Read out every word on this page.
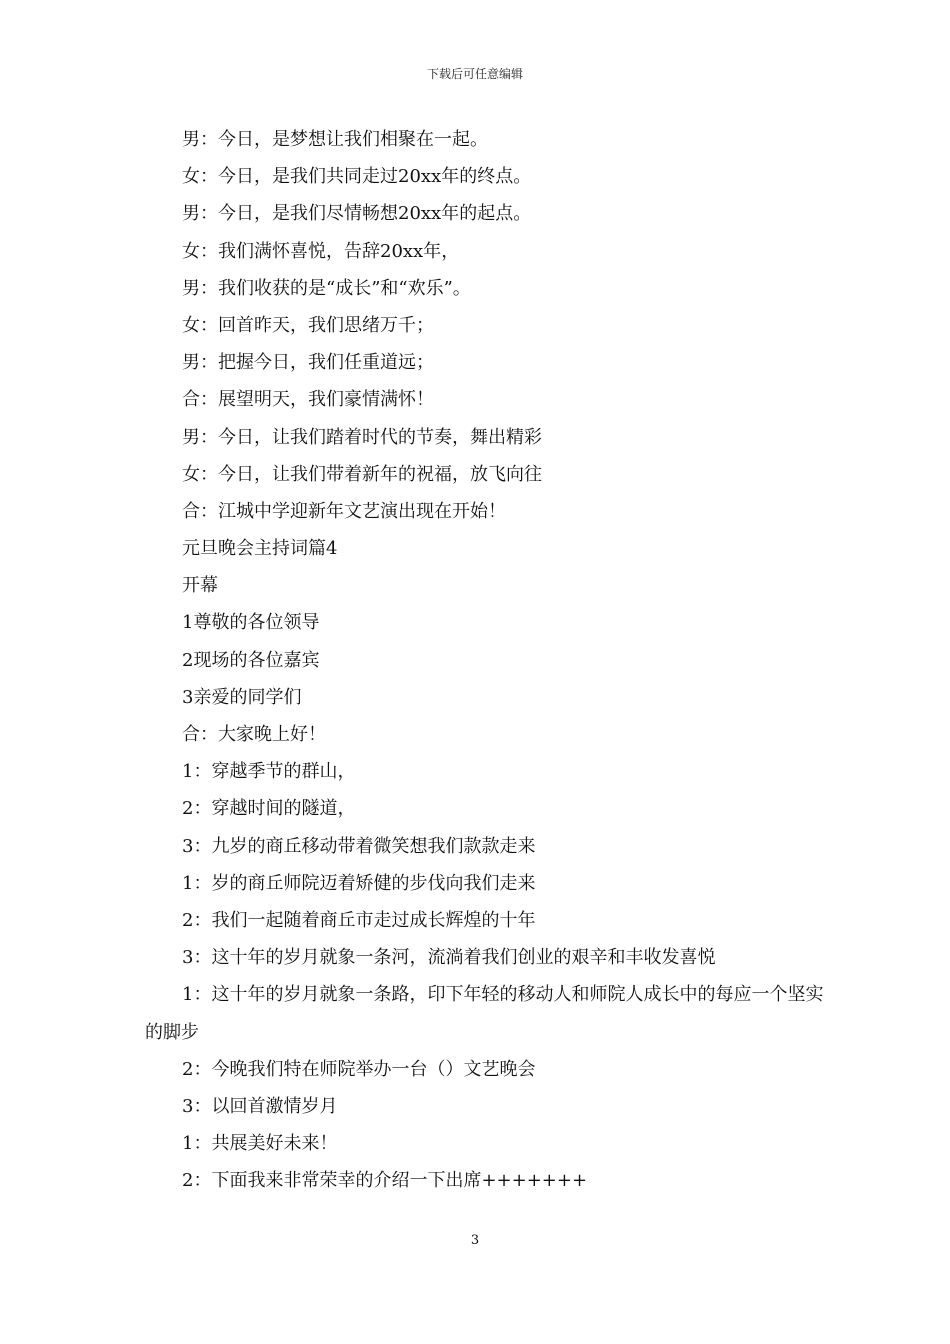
下载后可任意编辑
男：今日，是梦想让我们相聚在一起。
女：今日，是我们共同走过20xx年的终点。
男：今日，是我们尽情畅想20xx年的起点。
女：我们满怀喜悦，告辞20xx年，
男：我们收获的是“成长”和“欢乐”。
女：回首昨天，我们思绪万千；
男：把握今日，我们任重道远；
合：展望明天，我们豪情满怀！
男：今日，让我们踏着时代的节奏，舞出精彩
女：今日，让我们带着新年的祝福，放飞向往
合：江城中学迎新年文艺演出现在开始！
元旦晚会主持词篇4
开幕
1尊敬的各位领导
2现场的各位嘉宾
3亲爱的同学们
合：大家晚上好！
1：穿越季节的群山，
2：穿越时间的隧道，
3：九岁的商丘移动带着微笑想我们款款走来
1：岁的商丘师院迈着矫健的步伐向我们走来
2：我们一起随着商丘市走过成长辉煌的十年
3：这十年的岁月就象一条河，流淌着我们创业的艰辛和丰收发喜悦
1：这十年的岁月就象一条路，印下年轻的移动人和师院人成长中的每应一个坚实的脚步
2：今晚我们特在师院举办一台（）文艺晚会
3：以回首激情岁月
1：共展美好未来！
2：下面我来非常荣幸的介绍一下出席+++++++
3
